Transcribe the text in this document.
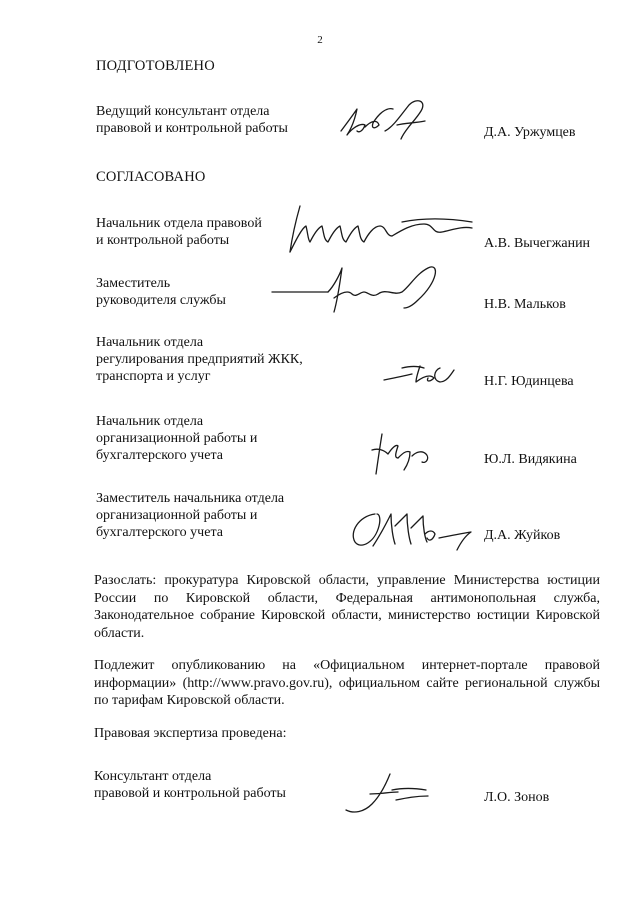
2
ПОДГОТОВЛЕНО
Ведущий консультант отдела
правовой и контрольной работы	Д.А. Уржумцев
СОГЛАСОВАНО
Начальник отдела правовой
и контрольной работы	А.В. Вычегжанин
Заместитель
руководителя службы	Н.В. Мальков
Начальник отдела
регулирования предприятий ЖКК,
транспорта и услуг	Н.Г. Юдинцева
Начальник отдела
организационной работы и
бухгалтерского учета	Ю.Л. Видякина
Заместитель начальника отдела
организационной работы и
бухгалтерского учета	Д.А. Жуйков
Разослать: прокуратура Кировской области, управление Министерства юстиции России по Кировской области, Федеральная антимонопольная служба, Законодательное собрание Кировской области, министерство юстиции Кировской области.
Подлежит опубликованию на «Официальном интернет-портале правовой информации» (http://www.pravo.gov.ru), официальном сайте региональной службы по тарифам Кировской области.
Правовая экспертиза проведена:
Консультант отдела
правовой и контрольной работы	Л.О. Зонов
